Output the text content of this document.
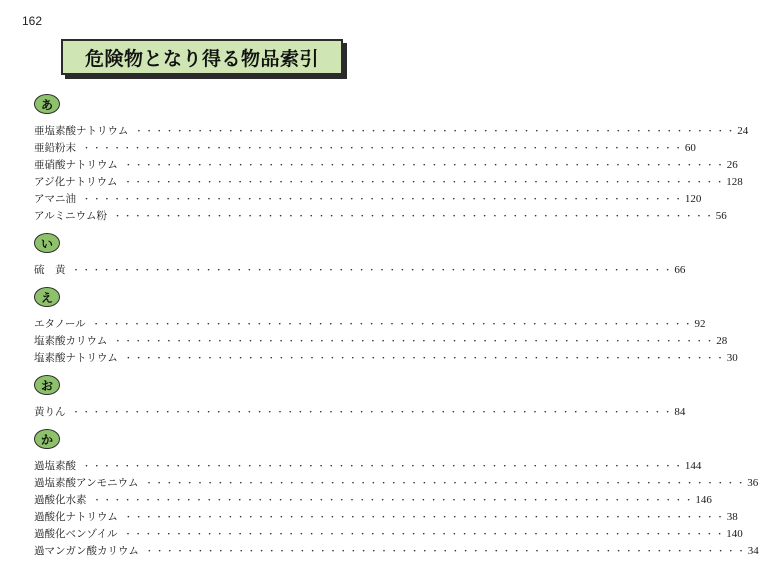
162
危険物となり得る物品索引
あ
亜塩素酸ナトリウム ・・・・・・・・・・・・・・・・・・・・・・・・・・・・・・・・・・・・・・・・・・・・・・・・・・・・・・・・・・・ 24
亜鉛粉末 ・・・・・・・・・・・・・・・・・・・・・・・・・・・・・・・・・・・・・・・・・・・・・・・・・・・・・・・・・・・ 60
亜硝酸ナトリウム ・・・・・・・・・・・・・・・・・・・・・・・・・・・・・・・・・・・・・・・・・・・・・・・・・・・・・・・・・・・ 26
アジ化ナトリウム ・・・・・・・・・・・・・・・・・・・・・・・・・・・・・・・・・・・・・・・・・・・・・・・・・・・・・・・・・・・ 128
アマニ油 ・・・・・・・・・・・・・・・・・・・・・・・・・・・・・・・・・・・・・・・・・・・・・・・・・・・・・・・・・・・ 120
アルミニウム粉 ・・・・・・・・・・・・・・・・・・・・・・・・・・・・・・・・・・・・・・・・・・・・・・・・・・・・・・・・・・・ 56
い
硫　黄 ・・・・・・・・・・・・・・・・・・・・・・・・・・・・・・・・・・・・・・・・・・・・・・・・・・・・・・・・・・・ 66
え
エタノール ・・・・・・・・・・・・・・・・・・・・・・・・・・・・・・・・・・・・・・・・・・・・・・・・・・・・・・・・・・・ 92
塩素酸カリウム ・・・・・・・・・・・・・・・・・・・・・・・・・・・・・・・・・・・・・・・・・・・・・・・・・・・・・・・・・・・ 28
塩素酸ナトリウム ・・・・・・・・・・・・・・・・・・・・・・・・・・・・・・・・・・・・・・・・・・・・・・・・・・・・・・・・・・・ 30
お
黄りん ・・・・・・・・・・・・・・・・・・・・・・・・・・・・・・・・・・・・・・・・・・・・・・・・・・・・・・・・・・・ 84
か
過塩素酸 ・・・・・・・・・・・・・・・・・・・・・・・・・・・・・・・・・・・・・・・・・・・・・・・・・・・・・・・・・・・ 144
過塩素酸アンモニウム ・・・・・・・・・・・・・・・・・・・・・・・・・・・・・・・・・・・・・・・・・・・・・・・・・・・・・・・・・・・ 36
過酸化水素 ・・・・・・・・・・・・・・・・・・・・・・・・・・・・・・・・・・・・・・・・・・・・・・・・・・・・・・・・・・・ 146
過酸化ナトリウム ・・・・・・・・・・・・・・・・・・・・・・・・・・・・・・・・・・・・・・・・・・・・・・・・・・・・・・・・・・・ 38
過酸化ベンゾイル ・・・・・・・・・・・・・・・・・・・・・・・・・・・・・・・・・・・・・・・・・・・・・・・・・・・・・・・・・・・ 140
過マンガン酸カリウム ・・・・・・・・・・・・・・・・・・・・・・・・・・・・・・・・・・・・・・・・・・・・・・・・・・・・・・・・・・・ 34
